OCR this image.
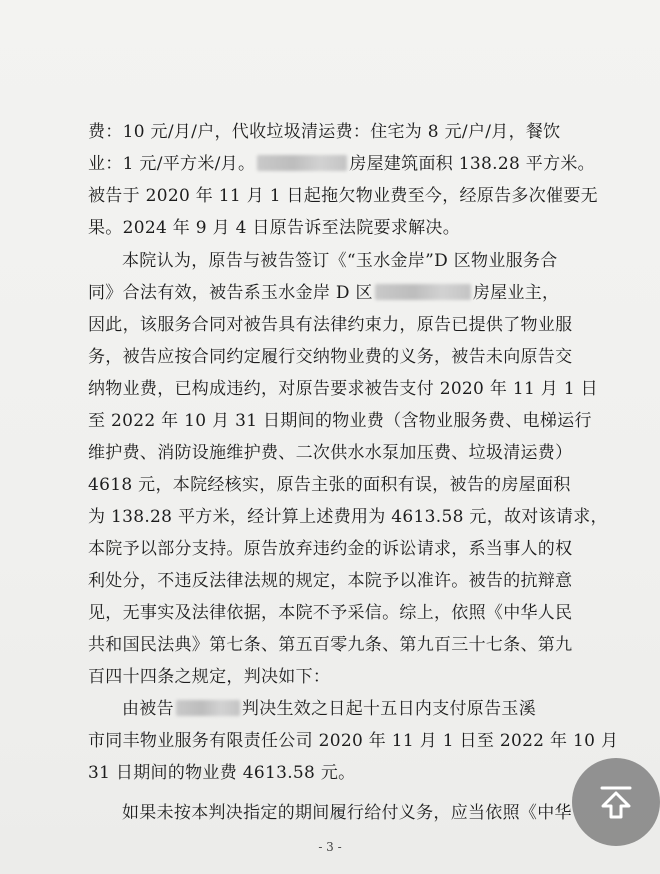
费：10 元/月/户，代收垃圾清运费：住宅为 8 元/户/月，餐饮
业：1 元/平方米/月。	房屋建筑面积 138.28 平方米。
被告于 2020 年 11 月 1 日起拖欠物业费至今，经原告多次催要无
果。2024 年 9 月 4 日原告诉至法院要求解决。
本院认为，原告与被告签订《“玉水金岸”D 区物业服务合
同》合法有效，被告系玉水金岸 D 区	房屋业主，
因此，该服务合同对被告具有法律约束力，原告已提供了物业服
务，被告应按合同约定履行交纳物业费的义务，被告未向原告交
纳物业费，已构成违约，对原告要求被告支付 2020 年 11 月 1 日
至 2022 年 10 月 31 日期间的物业费（含物业服务费、电梯运行
维护费、消防设施维护费、二次供水水泵加压费、垃圾清运费）
4618 元，本院经核实，原告主张的面积有误，被告的房屋面积
为 138.28 平方米，经计算上述费用为 4613.58 元，故对该请求，
本院予以部分支持。原告放弃违约金的诉讼请求，系当事人的权
利处分，不违反法律法规的规定，本院予以准许。被告的抗辩意
见，无事实及法律依据，本院不予采信。综上，依照《中华人民
共和国民法典》第七条、第五百零九条、第九百三十七条、第九
百四十四条之规定，判决如下：
由被告	判决生效之日起十五日内支付原告玉溪
市同丰物业服务有限责任公司 2020 年 11 月 1 日至 2022 年 10 月
31 日期间的物业费 4613.58 元。
如果未按本判决指定的期间履行给付义务，应当依照《中华
- 3 -
